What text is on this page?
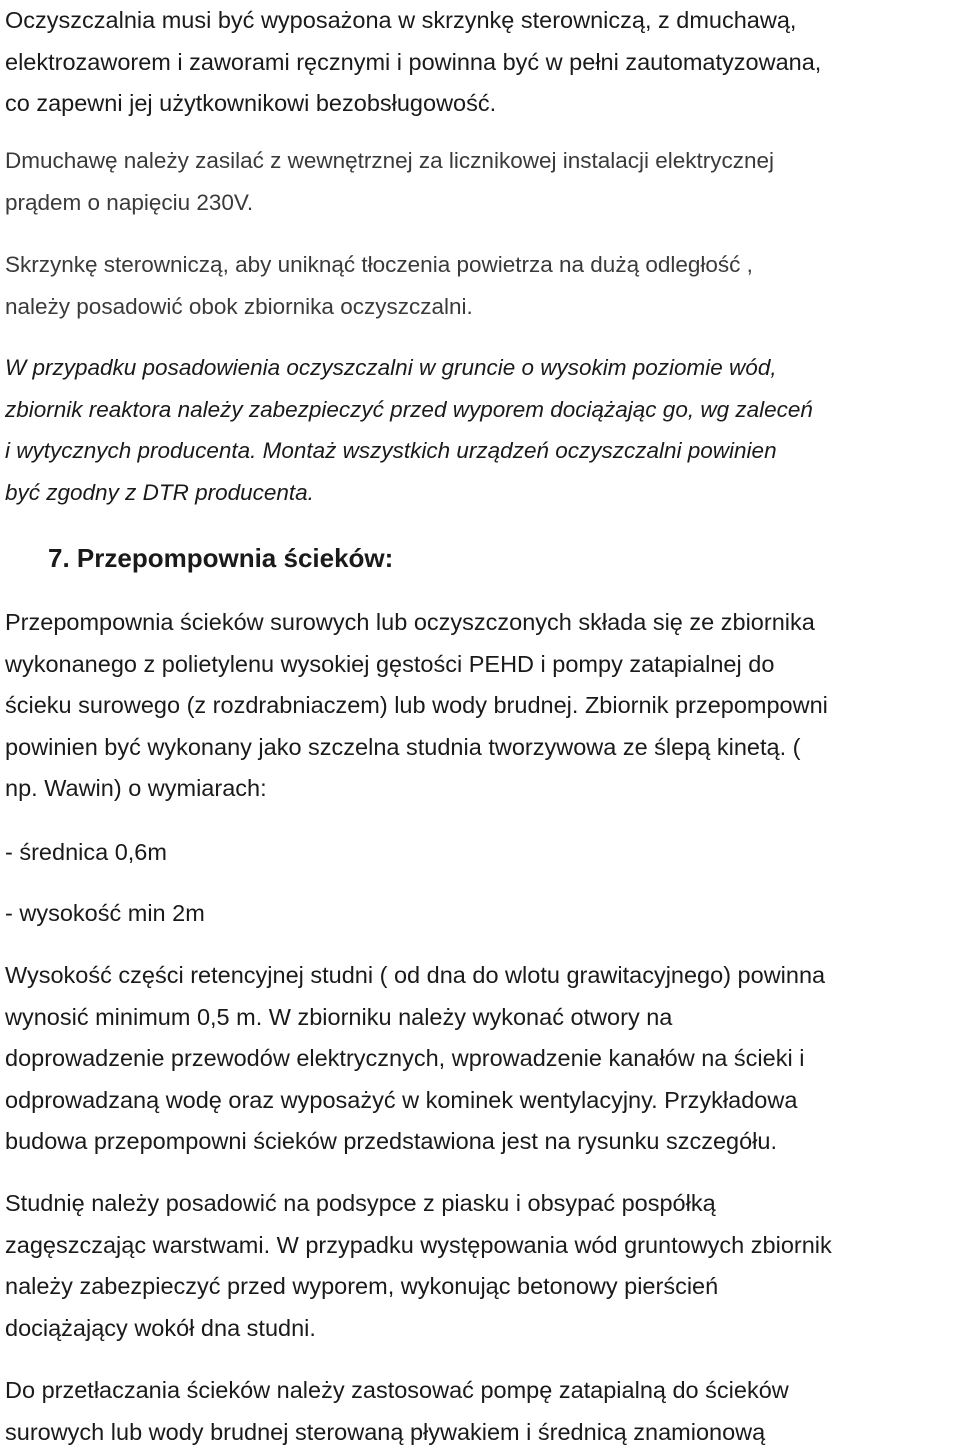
Oczyszczalnia musi być wyposażona w skrzynkę sterowniczą, z dmuchawą,
elektrozaworem i zaworami ręcznymi i powinna być w pełni zautomatyzowana,
co zapewni jej użytkownikowi bezobsługowość.
Dmuchawę należy zasilać z wewnętrznej za licznikowej instalacji elektrycznej
prądem o napięciu 230V.
Skrzynkę sterowniczą, aby uniknąć tłoczenia powietrza na dużą odległość ,
należy posadowić obok zbiornika oczyszczalni.
W przypadku posadowienia oczyszczalni w gruncie o wysokim poziomie wód,
zbiornik reaktora należy zabezpieczyć przed wyporem dociążając go, wg zaleceń
i wytycznych producenta. Montaż wszystkich urządzeń oczyszczalni powinien
być zgodny z DTR producenta.
7. Przepompownia ścieków:
Przepompownia ścieków surowych lub oczyszczonych składa się ze zbiornika
wykonanego z polietylenu wysokiej gęstości PEHD i pompy zatapialnej do
ścieku surowego (z rozdrabniaczem) lub wody brudnej. Zbiornik przepompowni
powinien być wykonany jako szczelna studnia tworzywowa ze ślepą kinetą. (
np. Wawin) o wymiarach:
- średnica 0,6m
- wysokość min 2m
Wysokość części retencyjnej studni ( od dna do wlotu grawitacyjnego) powinna
wynosić minimum 0,5 m. W zbiorniku należy wykonać otwory na
doprowadzenie przewodów elektrycznych, wprowadzenie kanałów na ścieki i
odprowadzaną wodę oraz wyposażyć w kominek wentylacyjny. Przykładowa
budowa przepompowni ścieków przedstawiona jest na rysunku szczegółu.
Studnię należy posadowić na podsypce z piasku i obsypać pospółką
zagęszczając warstwami. W przypadku występowania wód gruntowych zbiornik
należy zabezpieczyć przed wyporem, wykonując betonowy pierścień
dociążający wokół dna studni.
Do przetłaczania ścieków należy zastosować pompę zatapialną do ścieków
surowych lub wody brudnej sterowaną pływakiem i średnicą znamionową
